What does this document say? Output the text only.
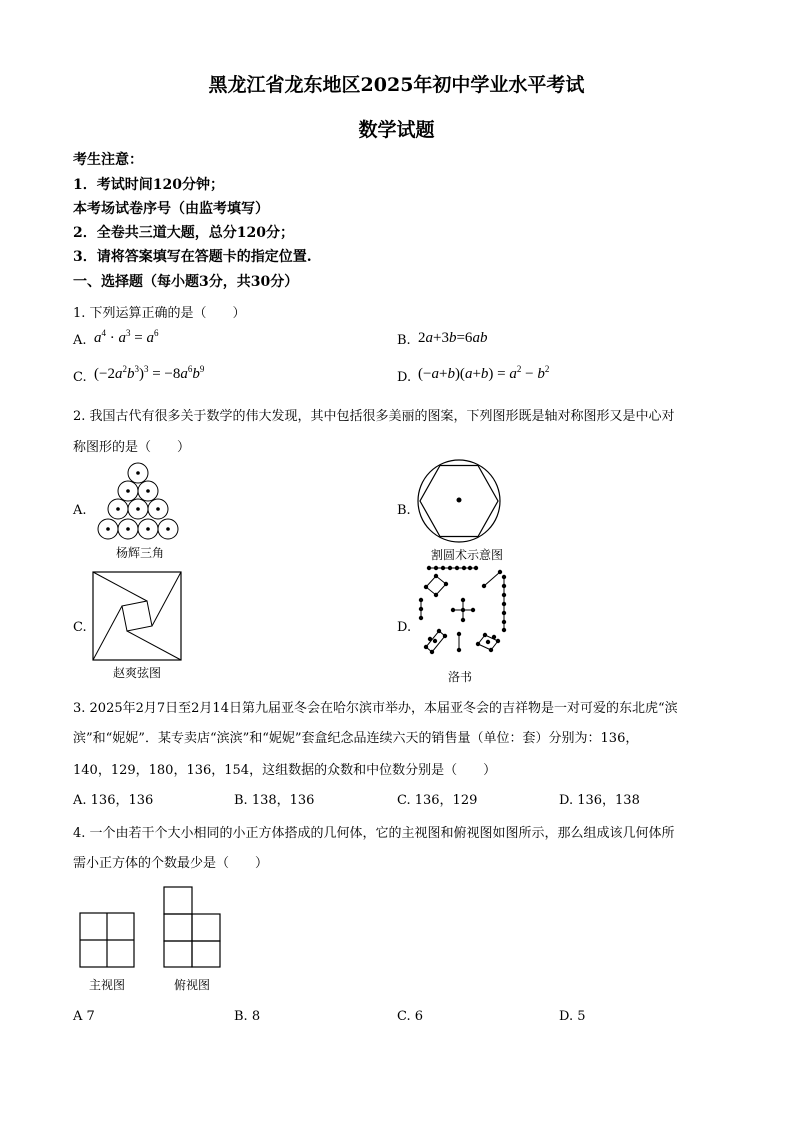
黑龙江省龙东地区2025年初中学业水平考试
数学试题
考生注意：
1．考试时间120分钟；
本考场试卷序号（由监考填写）
2．全卷共三道大题，总分120分；
3．请将答案填写在答题卡的指定位置.
一、选择题（每小题3分，共30分）
1. 下列运算正确的是（　　）
A. $a^4 \cdot a^3 = a^6$	B. 2a+3b=6ab
C. $(-2a^2b^3)^3 = -8a^6b^9$
D. $(-a+b)(a+b) = a^2 - b^2$
2. 我国古代有很多关于数学的伟大发现，其中包括很多美丽的图案，下列图形既是轴对称图形又是中心对
称图形的是（　　）
A.
杨辉三角
B.
割圆术示意图
C.
赵爽弦图
D.
洛书
3. 2025年2月7日至2月14日第九届亚冬会在哈尔滨市举办，本届亚冬会的吉祥物是一对可爱的东北虎“滨
滨”和“妮妮”．某专卖店“滨滨”和“妮妮”套盒纪念品连续六天的销售量（单位：套）分别为：136，
140，129，180，136，154，这组数据的众数和中位数分别是（　　）
A. 136，136	B. 138，136	C. 136，129	D. 136，138
4. 一个由若干个大小相同的小正方体搭成的几何体，它的主视图和俯视图如图所示，那么组成该几何体所
需小正方体的个数最少是（　　）
主视图	俯视图
A 7	B. 8	C. 6	D. 5
